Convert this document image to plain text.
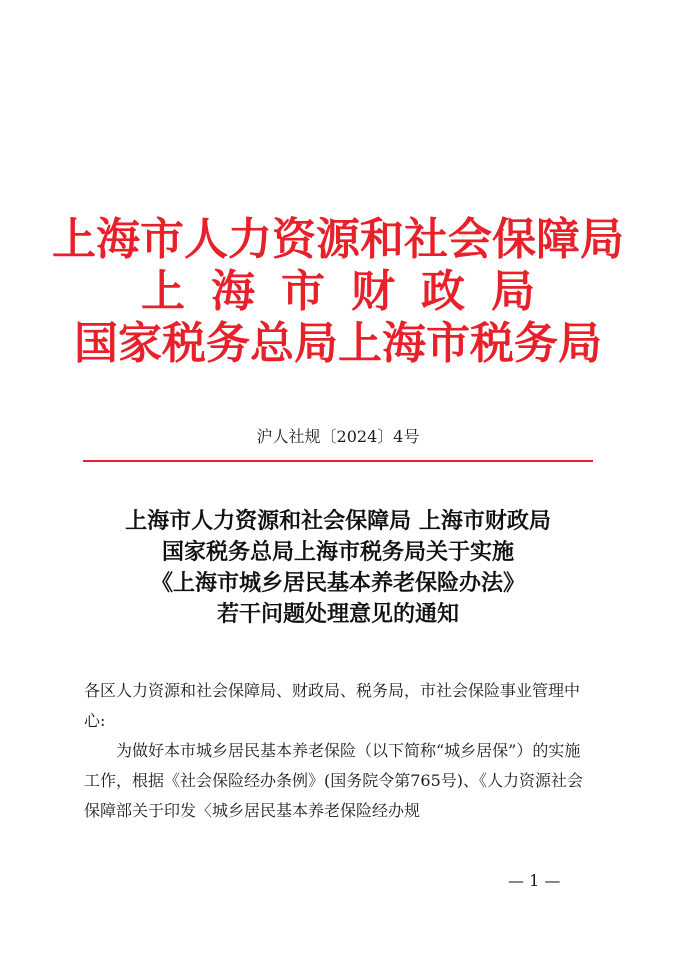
上海市人力资源和社会保障局
上海市财政局
国家税务总局上海市税务局
沪人社规〔2024〕4号
上海市人力资源和社会保障局 上海市财政局
国家税务总局上海市税务局关于实施
《上海市城乡居民基本养老保险办法》
若干问题处理意见的通知

各区人力资源和社会保障局、财政局、税务局，市社会保险事业管理中心:

为做好本市城乡居民基本养老保险（以下简称“城乡居保”）的实施工作，根据《社会保险经办条例》(国务院令第765号)、《人力资源社会保障部关于印发〈城乡居民基本养老保险经办规

— 1 —
